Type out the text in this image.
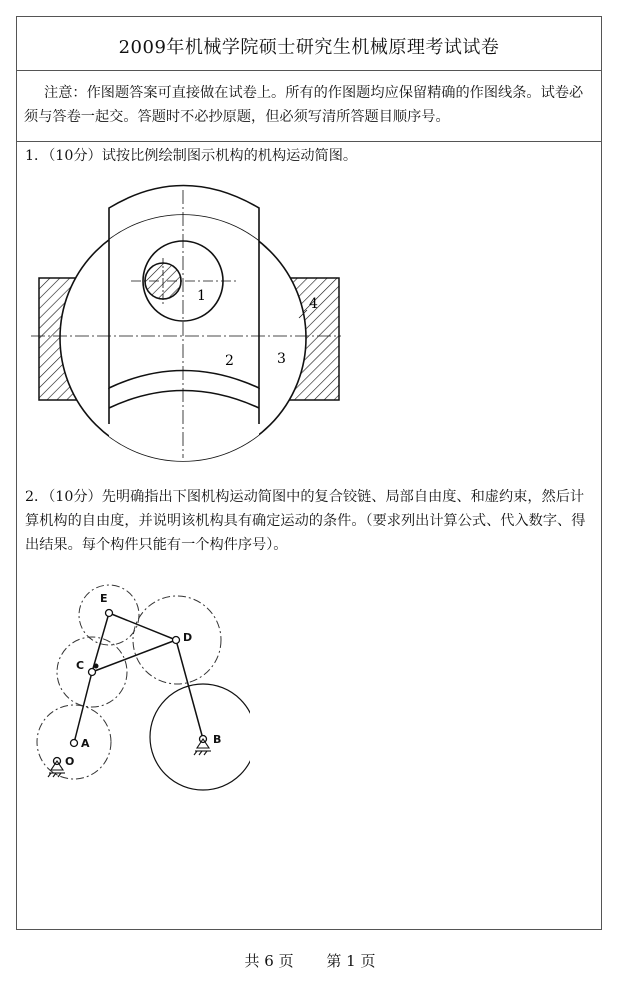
2009年机械学院硕士研究生机械原理考试试卷
注意：作图题答案可直接做在试卷上。所有的作图题均应保留精确的作图线条。试卷必须与答卷一起交。答题时不必抄原题，但必须写清所答题目顺序号。
1．（10分）试按比例绘制图示机构的机构运动简图。
2．（10分）先明确指出下图机构运动简图中的复合铰链、局部自由度、和虚约束，然后计算机构的自由度，并说明该机构具有确定运动的条件。（要求列出计算公式、代入数字、得出结果。每个构件只能有一个构件序号）。
1
2	3
4
E
D
C
A
O
B
共 6 页 第 1 页
